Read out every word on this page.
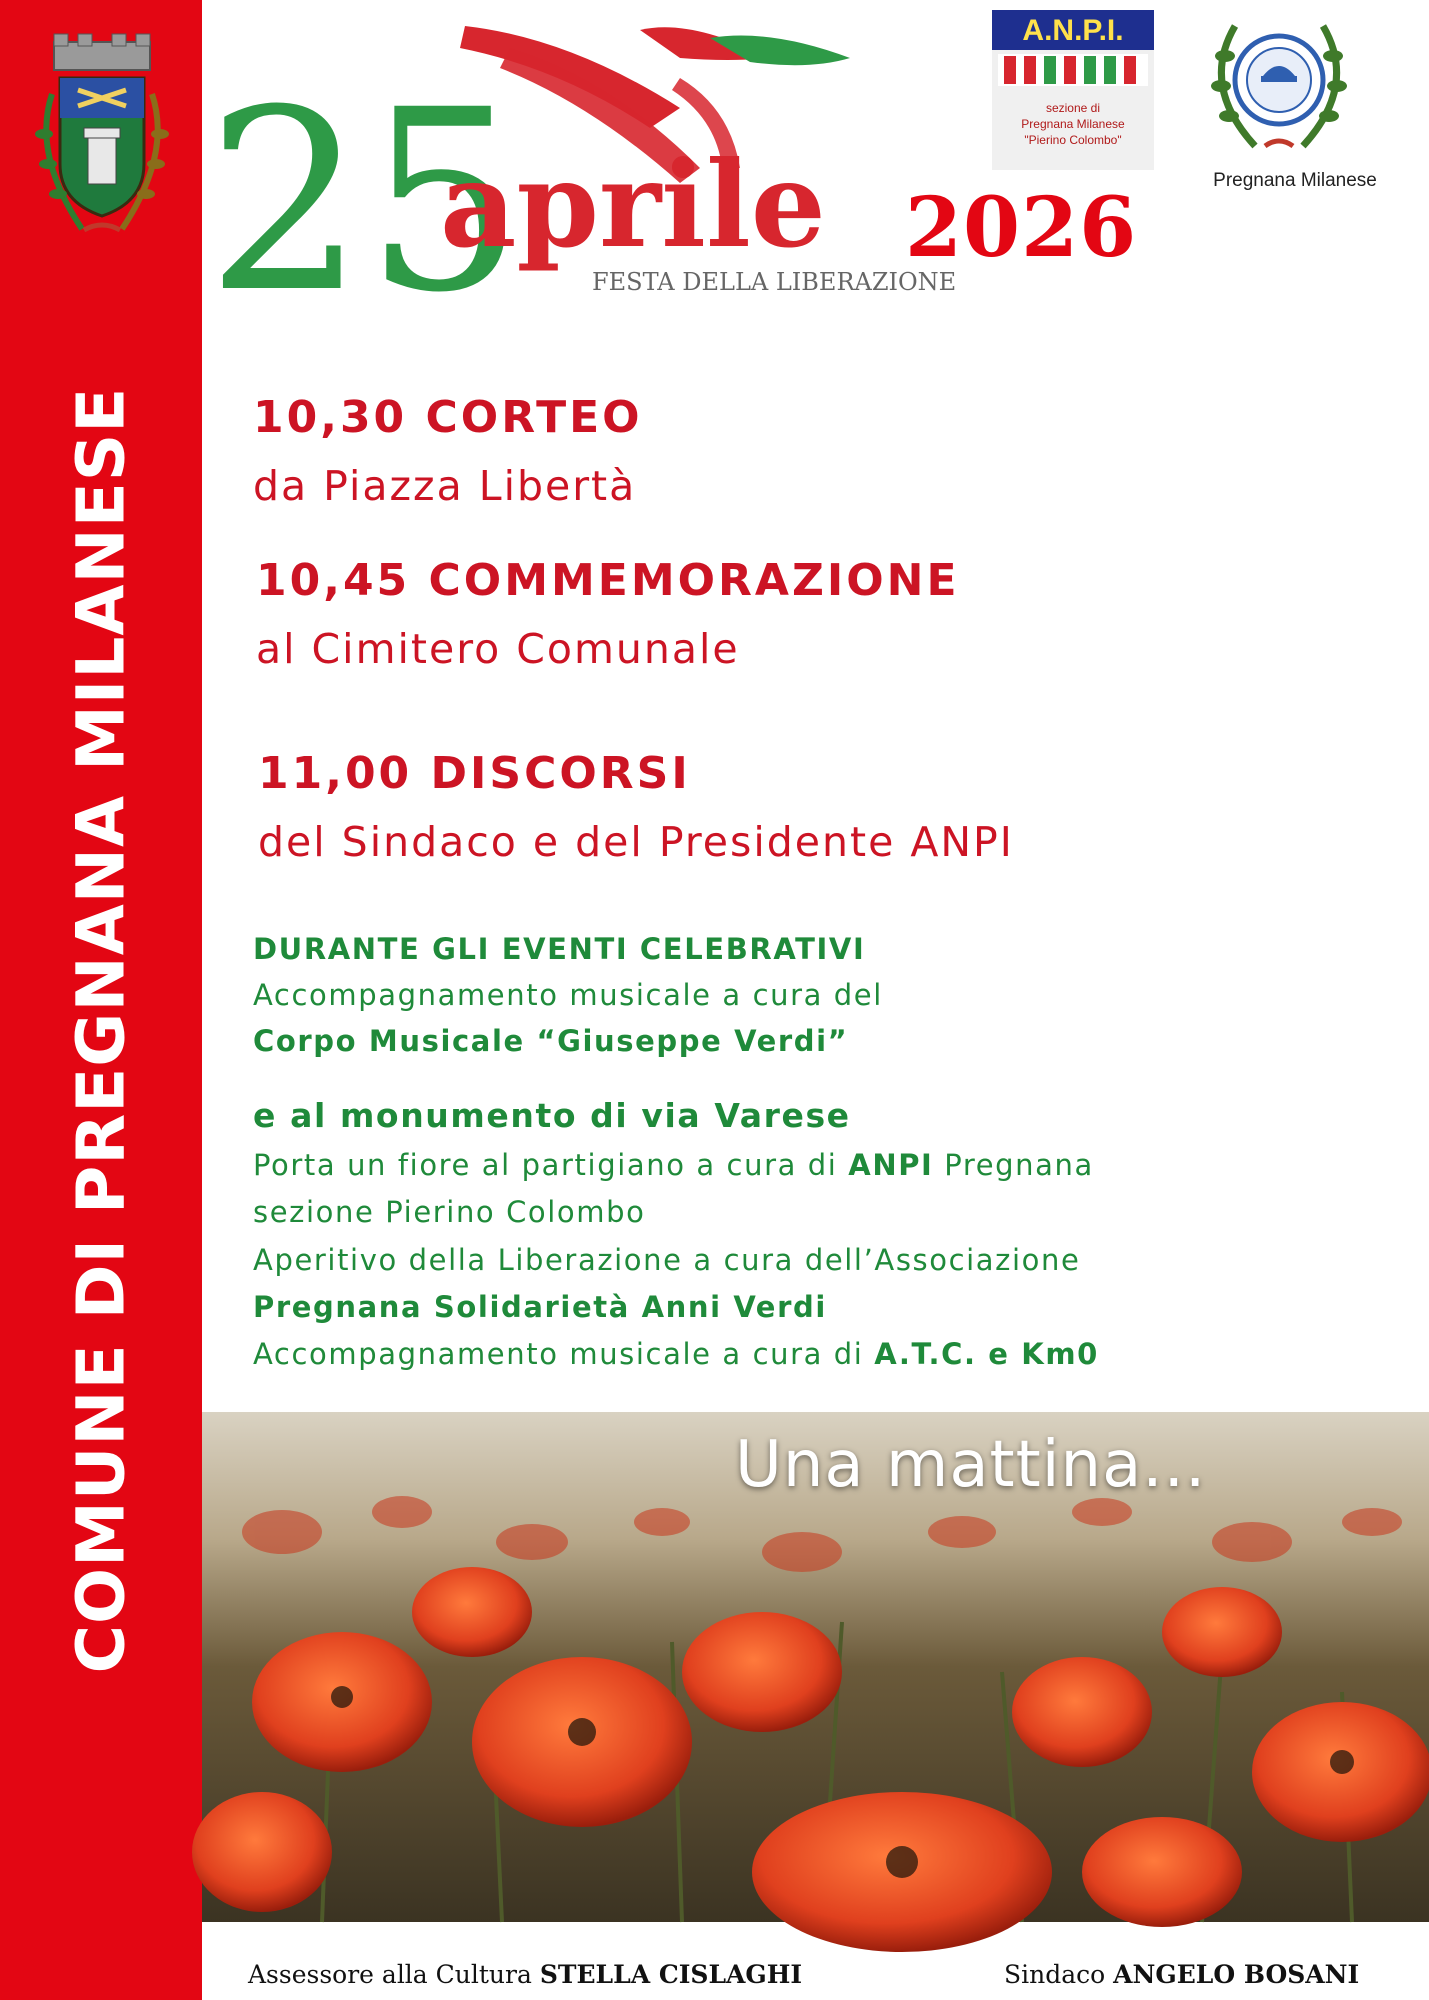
COMUNE DI PREGNANA MILANESE
25
aprile
FESTA DELLA LIBERAZIONE
2026
A.N.P.I.
sezione di
Pregnana Milanese
"Pierino Colombo"
Pregnana Milanese
10,30 CORTEO
da Piazza Libertà
10,45 COMMEMORAZIONE
al Cimitero Comunale
11,00 DISCORSI
del Sindaco e del Presidente ANPI
DURANTE GLI EVENTI CELEBRATIVI
Accompagnamento musicale a cura del
Corpo Musicale “Giuseppe Verdi”
e al monumento di via Varese
Porta un fiore al partigiano a cura di ANPI Pregnana
sezione Pierino Colombo
Aperitivo della Liberazione a cura dell’Associazione
Pregnana Solidarietà Anni Verdi
Accompagnamento musicale a cura di A.T.C. e Km0
Una mattina...
Assessore alla Cultura STELLA CISLAGHI	Sindaco ANGELO BOSANI
